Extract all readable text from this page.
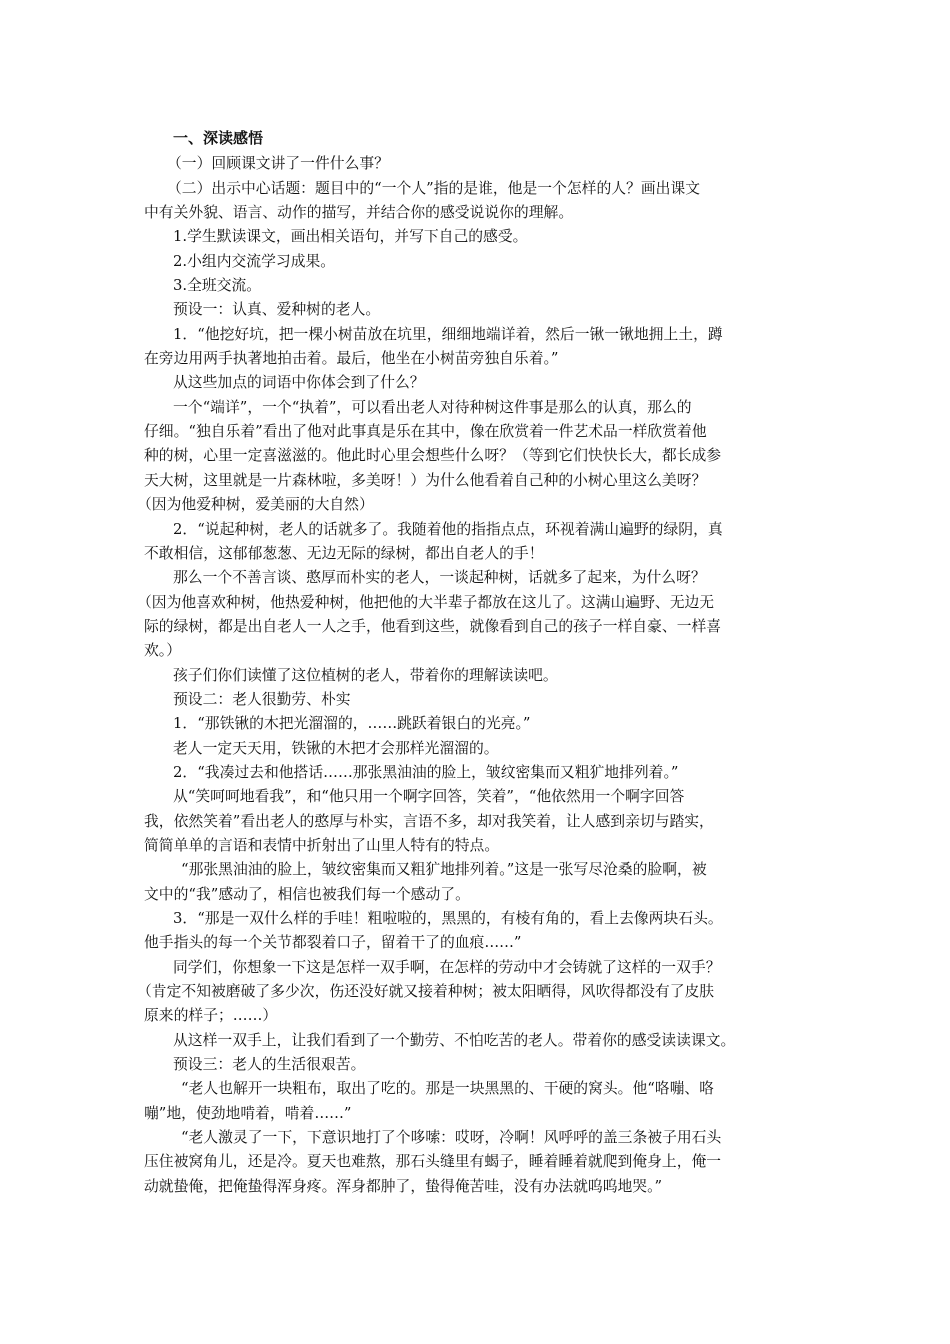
一、深读感悟
（一）回顾课文讲了一件什么事？
（二）出示中心话题：题目中的“一个人”指的是谁，他是一个怎样的人？画出课文
中有关外貌、语言、动作的描写，并结合你的感受说说你的理解。
1.学生默读课文，画出相关语句，并写下自己的感受。
2.小组内交流学习成果。
3.全班交流。
预设一：认真、爱种树的老人。
1．“他挖好坑，把一棵小树苗放在坑里，细细地端详着，然后一锹一锹地拥上土，蹲
在旁边用两手执著地拍击着。最后，他坐在小树苗旁独自乐着。”
从这些加点的词语中你体会到了什么？
一个“端详”，一个“执着”，可以看出老人对待种树这件事是那么的认真，那么的
仔细。“独自乐着”看出了他对此事真是乐在其中，像在欣赏着一件艺术品一样欣赏着他
种的树，心里一定喜滋滋的。他此时心里会想些什么呀？（等到它们快快长大，都长成参
天大树，这里就是一片森林啦，多美呀！）为什么他看着自己种的小树心里这么美呀？
（因为他爱种树，爱美丽的大自然）
2．“说起种树，老人的话就多了。我随着他的指指点点，环视着满山遍野的绿阴，真
不敢相信，这郁郁葱葱、无边无际的绿树，都出自老人的手！
那么一个不善言谈、憨厚而朴实的老人，一谈起种树，话就多了起来，为什么呀？
（因为他喜欢种树，他热爱种树，他把他的大半辈子都放在这儿了。这满山遍野、无边无
际的绿树，都是出自老人一人之手，他看到这些，就像看到自己的孩子一样自豪、一样喜
欢。）
孩子们你们读懂了这位植树的老人，带着你的理解读读吧。
预设二：老人很勤劳、朴实
1．“那铁锹的木把光溜溜的，……跳跃着银白的光亮。”
老人一定天天用，铁锹的木把才会那样光溜溜的。
2．“我凑过去和他搭话……那张黑油油的脸上，皱纹密集而又粗犷地排列着。”
从“笑呵呵地看我”，和“他只用一个啊字回答，笑着”，“他依然用一个啊字回答
我，依然笑着”看出老人的憨厚与朴实，言语不多，却对我笑着，让人感到亲切与踏实，
简简单单的言语和表情中折射出了山里人特有的特点。
“那张黑油油的脸上，皱纹密集而又粗犷地排列着。”这是一张写尽沧桑的脸啊，被
文中的“我”感动了，相信也被我们每一个感动了。
3．“那是一双什么样的手哇！粗啦啦的，黑黑的，有棱有角的，看上去像两块石头。
他手指头的每一个关节都裂着口子，留着干了的血痕……”
同学们，你想象一下这是怎样一双手啊，在怎样的劳动中才会铸就了这样的一双手？
（肯定不知被磨破了多少次，伤还没好就又接着种树；被太阳晒得，风吹得都没有了皮肤
原来的样子；……）
从这样一双手上，让我们看到了一个勤劳、不怕吃苦的老人。带着你的感受读读课文。
预设三：老人的生活很艰苦。
“老人也解开一块粗布，取出了吃的。那是一块黑黑的、干硬的窝头。他“咯嘣、咯
嘣”地，使劲地啃着，啃着……”
“老人激灵了一下，下意识地打了个哆嗦：哎呀，冷啊！风呼呼的盖三条被子用石头
压住被窝角儿，还是冷。夏天也难熬，那石头缝里有蝎子，睡着睡着就爬到俺身上，俺一
动就蛰俺，把俺蛰得浑身疼。浑身都肿了，蛰得俺苦哇，没有办法就呜呜地哭。”
